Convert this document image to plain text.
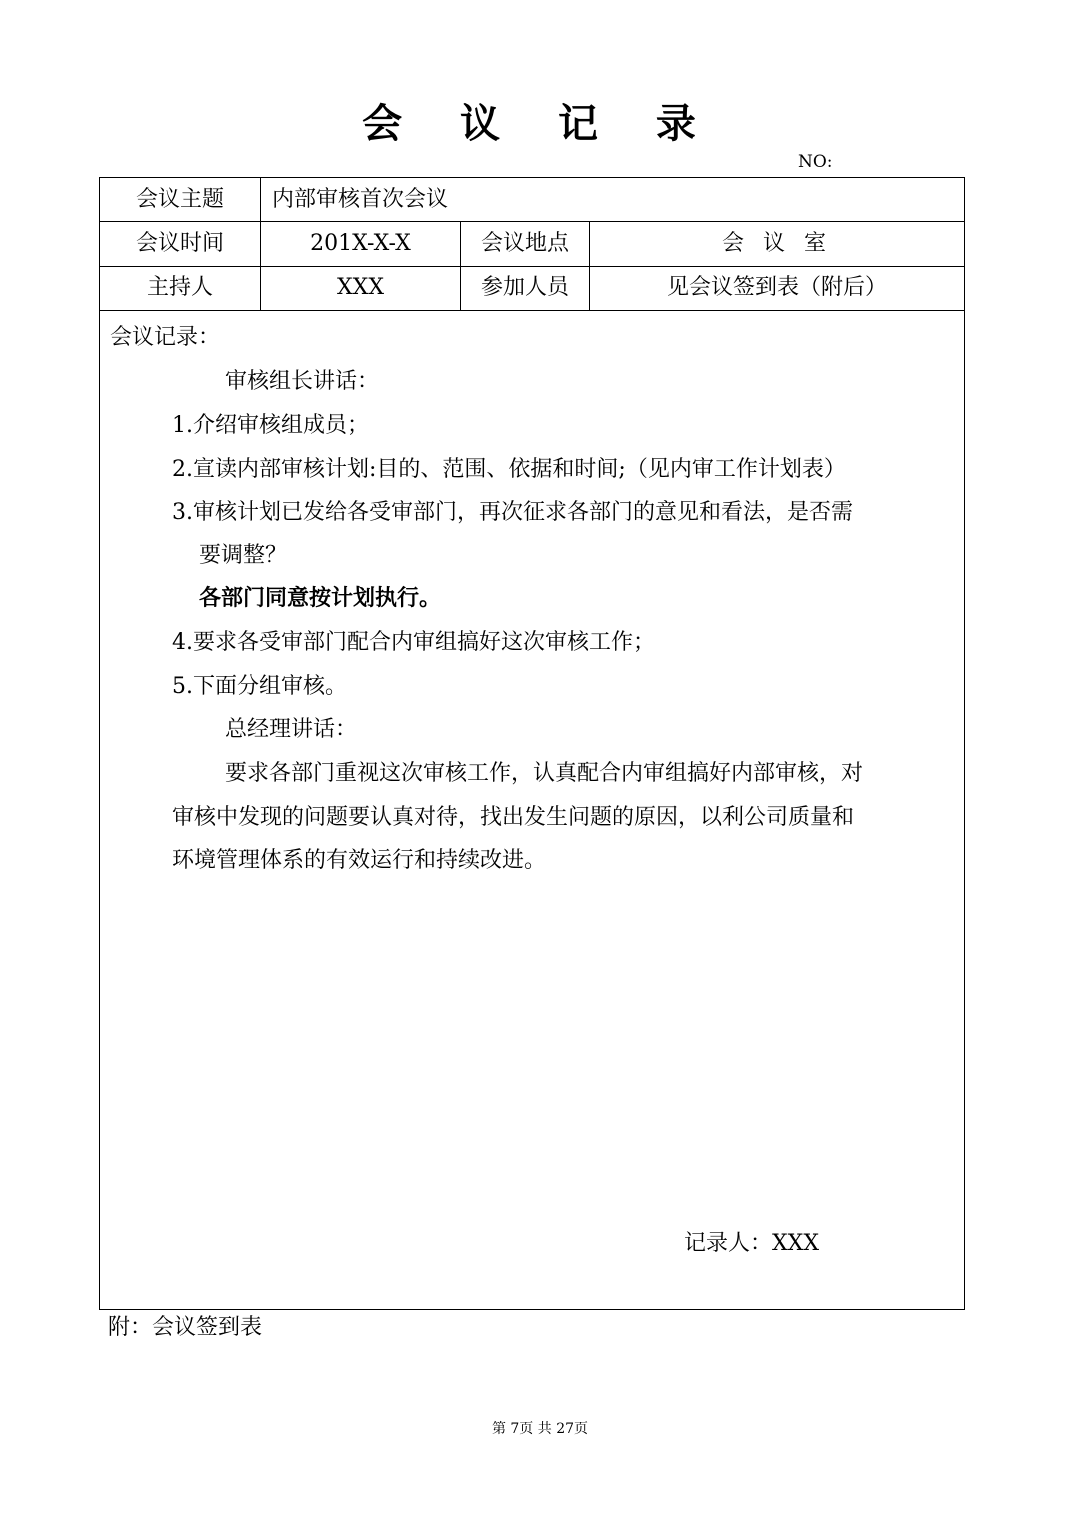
会 议 记 录
NO:
会议主题	内部审核首次会议
会议时间	201X-X-X	会议地点	会 议 室
主持人	XXX	参加人员	见会议签到表（附后）
会议记录：
审核组长讲话：
1.介绍审核组成员；
2.宣读内部审核计划:目的、范围、依据和时间;（见内审工作计划表）
3.审核计划已发给各受审部门，再次征求各部门的意见和看法，是否需
要调整？
各部门同意按计划执行。
4.要求各受审部门配合内审组搞好这次审核工作；
5.下面分组审核。
总经理讲话：
要求各部门重视这次审核工作，认真配合内审组搞好内部审核，对
审核中发现的问题要认真对待，找出发生问题的原因，以利公司质量和
环境管理体系的有效运行和持续改进。
记录人：XXX
附：会议签到表
第 7页 共 27页
